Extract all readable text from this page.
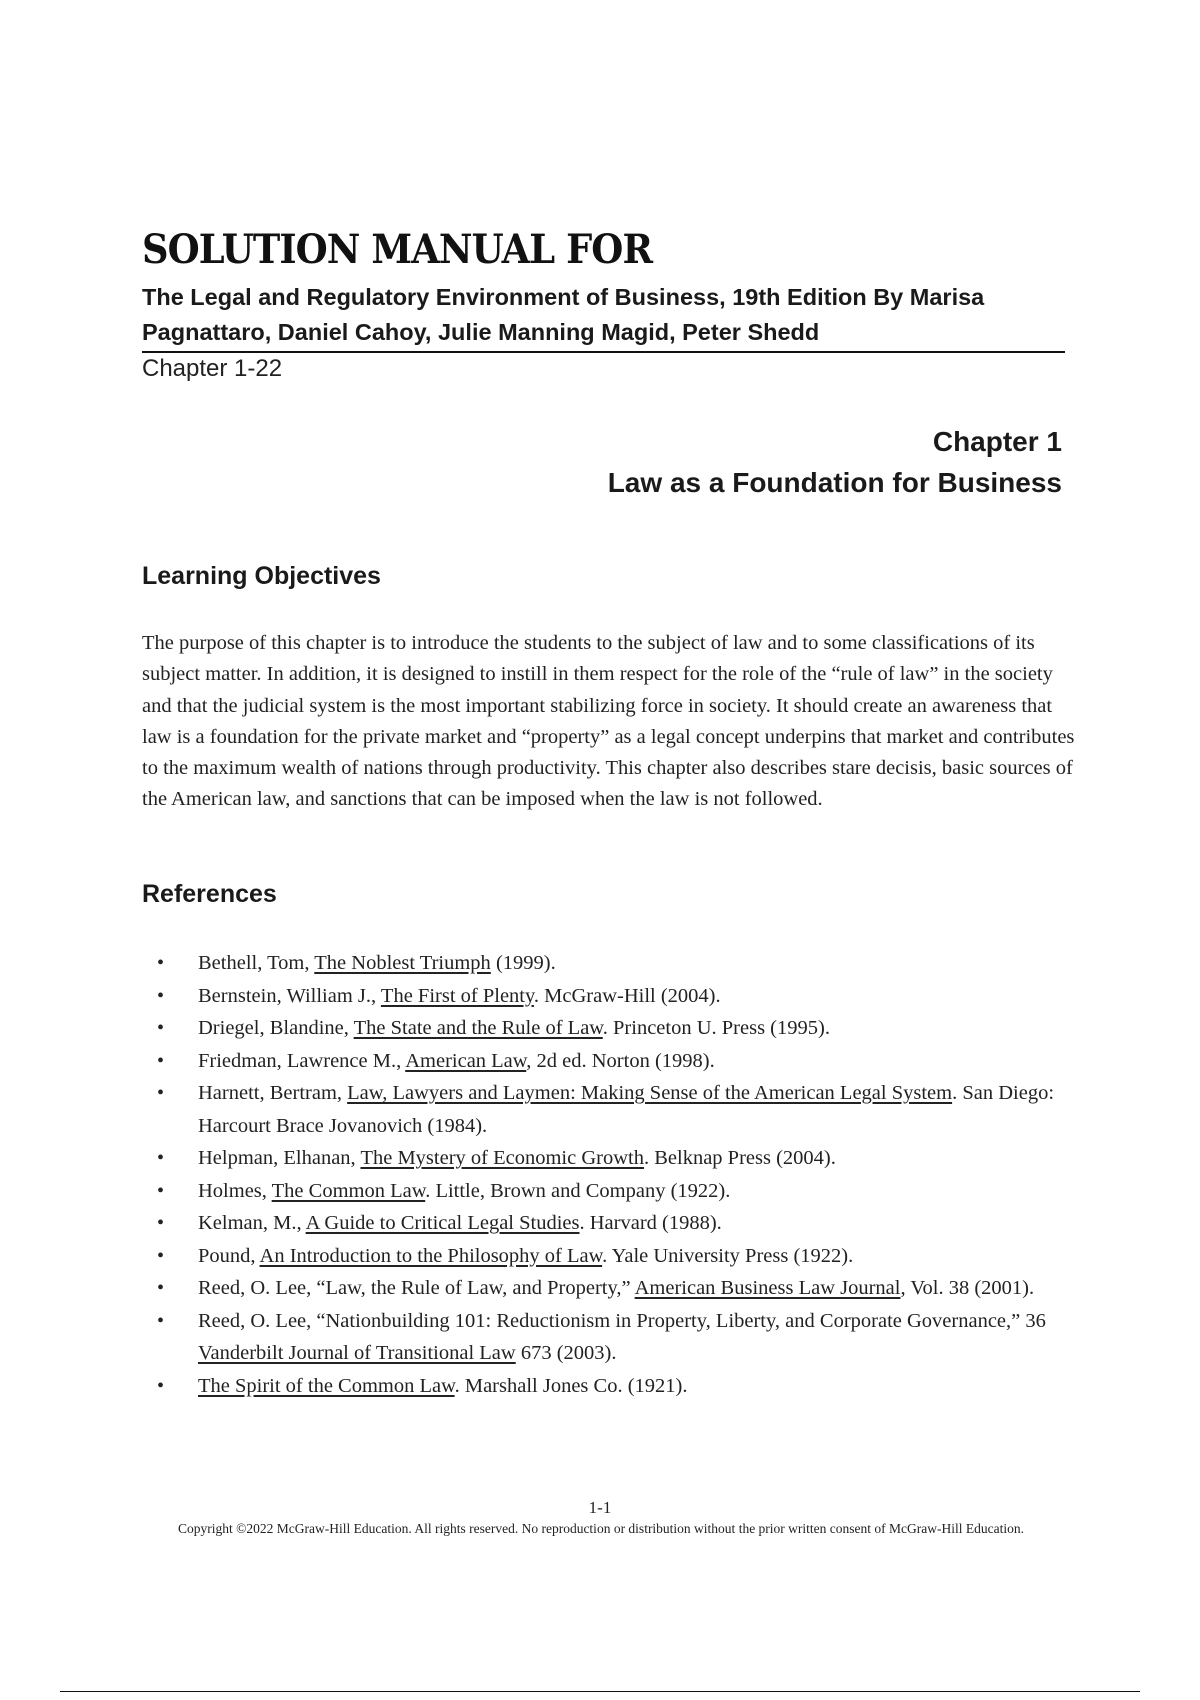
SOLUTION MANUAL FOR
The Legal and Regulatory Environment of Business, 19th Edition By Marisa Pagnattaro, Daniel Cahoy, Julie Manning Magid, Peter Shedd
Chapter 1-22
Chapter 1
Law as a Foundation for Business
Learning Objectives

The purpose of this chapter is to introduce the students to the subject of law and to some classifications of its subject matter. In addition, it is designed to instill in them respect for the role of the “rule of law” in the society and that the judicial system is the most important stabilizing force in society. It should create an awareness that law is a foundation for the private market and “property” as a legal concept underpins that market and contributes to the maximum wealth of nations through productivity. This chapter also describes stare decisis, basic sources of the American law, and sanctions that can be imposed when the law is not followed.

References
• Bethell, Tom, The Noblest Triumph (1999).
• Bernstein, William J., The First of Plenty. McGraw-Hill (2004).
• Driegel, Blandine, The State and the Rule of Law. Princeton U. Press (1995).
• Friedman, Lawrence M., American Law, 2d ed. Norton (1998).
• Harnett, Bertram, Law, Lawyers and Laymen: Making Sense of the American Legal System. San Diego: Harcourt Brace Jovanovich (1984).
• Helpman, Elhanan, The Mystery of Economic Growth. Belknap Press (2004).
• Holmes, The Common Law. Little, Brown and Company (1922).
• Kelman, M., A Guide to Critical Legal Studies. Harvard (1988).
• Pound, An Introduction to the Philosophy of Law. Yale University Press (1922).
• Reed, O. Lee, “Law, the Rule of Law, and Property,” American Business Law Journal, Vol. 38 (2001).
• Reed, O. Lee, “Nationbuilding 101: Reductionism in Property, Liberty, and Corporate Governance,” 36 Vanderbilt Journal of Transitional Law 673 (2003).
• The Spirit of the Common Law. Marshall Jones Co. (1921).
1-1
Copyright ©2022 McGraw-Hill Education. All rights reserved. No reproduction or distribution without the prior written consent of McGraw-Hill Education.
